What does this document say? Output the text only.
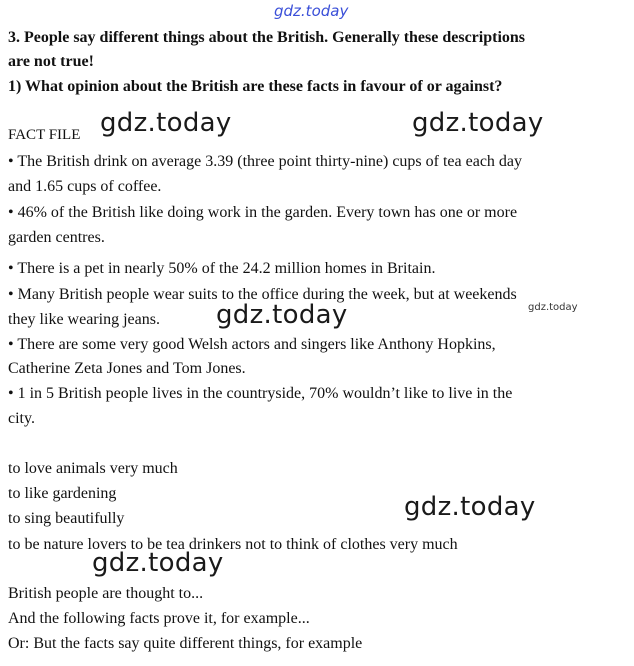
gdz.today
gdz.today	gdz.today
gdz.today	gdz.today
gdz.today
gdz.today
3. People say different things about the British. Generally these descriptions
are not true!
1) What opinion about the British are these facts in favour of or against?
FACT FILE
• The British drink on average 3.39 (three point thirty-nine) cups of tea each day
and 1.65 cups of coffee.
• 46% of the British like doing work in the garden. Every town has one or more
garden centres.
• There is a pet in nearly 50% of the 24.2 million homes in Britain.
• Many British people wear suits to the office during the week, but at weekends
they like wearing jeans.
• There are some very good Welsh actors and singers like Anthony Hopkins,
Catherine Zeta Jones and Tom Jones.
• 1 in 5 British people lives in the countryside, 70% wouldn’t like to live in the
city.
to love animals very much
to like gardening
to sing beautifully
to be nature lovers to be tea drinkers not to think of clothes very much
British people are thought to...
And the following facts prove it, for example...
Or: But the facts say quite different things, for example
